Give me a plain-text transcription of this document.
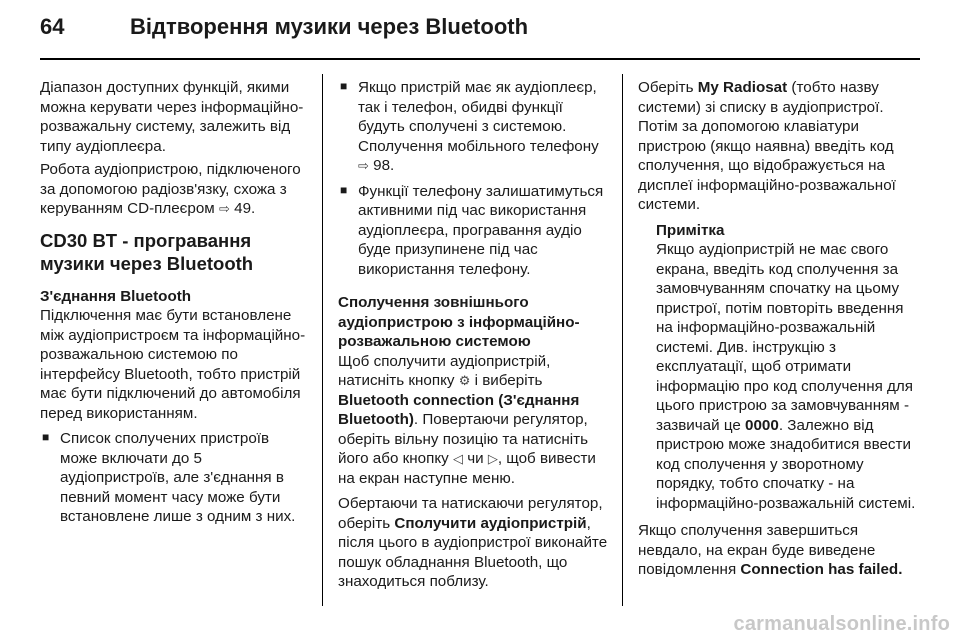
64	Відтворення музики через Bluetooth

Діапазон доступних функцій, якими можна керувати через інформаційно-розважальну систему, залежить від типу аудіоплеєра.

Робота аудіопристрою, підключеного за допомогою радіозв'язку, схожа з керуванням CD-плеєром ⇨ 49.

CD30 BT - програвання музики через Bluetooth
З'єднання Bluetooth

Підключення має бути встановлене між аудіопристроєм та інформаційно-розважальною системою по інтерфейсу Bluetooth, тобто пристрій має бути підключений до автомобіля перед використанням.

■ Список сполучених пристроїв може включати до 5 аудіопристроїв, але з'єднання в певний момент часу може бути встановлене лише з одним з них.
■ Якщо пристрій має як аудіоплеєр, так і телефон, обидві функції будуть сполучені з системою. Сполучення мобільного телефону ⇨ 98.
■ Функції телефону залишатимуться активними під час використання аудіоплеєра, програвання аудіо буде призупинене під час використання телефону.
Сполучення зовнішнього аудіопристрою з інформаційно-розважальною системою

Щоб сполучити аудіопристрій, натисніть кнопку ⚙ і виберіть Bluetooth connection (З'єднання Bluetooth). Повертаючи регулятор, оберіть вільну позицію та натисніть його або кнопку ◁ чи ▷, щоб вивести на екран наступне меню.

Обертаючи та натискаючи регулятор, оберіть Сполучити аудіопристрій, після цього в аудіопристрої виконайте пошук обладнання Bluetooth, що знаходиться поблизу.

Оберіть My Radiosat (тобто назву системи) зі списку в аудіопристрої. Потім за допомогою клавіатури пристрою (якщо наявна) введіть код сполучення, що відображується на дисплеї інформаційно-розважальної системи.

Примітка
Якщо аудіопристрій не має свого екрана, введіть код сполучення за замовчуванням спочатку на цьому пристрої, потім повторіть введення на інформаційно-розважальній системі. Див. інструкцію з експлуатації, щоб отримати інформацію про код сполучення для цього пристрою за замовчуванням - зазвичай це 0000. Залежно від пристрою може знадобитися ввести код сполучення у зворотному порядку, тобто спочатку - на інформаційно-розважальній системі.

Якщо сполучення завершиться невдало, на екран буде виведене повідомлення Connection has failed.

carmanualsonline.info
